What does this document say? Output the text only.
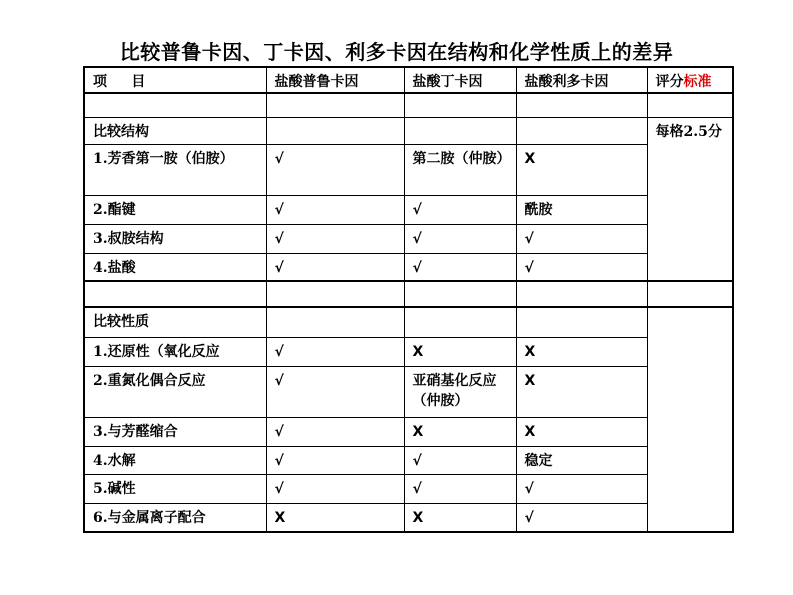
比较普鲁卡因、丁卡因、利多卡因在结构和化学性质上的差异
项     目	盐酸普鲁卡因	盐酸丁卡因	盐酸利多卡因	评分标准

比较结构				每格2.5分
1.芳香第一胺（伯胺）	√	第二胺（仲胺）	X	
2.酯键	√	√	酰胺	
3.叔胺结构	√	√	√	
4.盐酸	√	√	√	

比较性质				
1.还原性（氧化反应	√	X	X	
2.重氮化偶合反应	√	亚硝基化反应（仲胺）	X	
3.与芳醛缩合	√	X	X	
4.水解	√	√	稳定	
5.碱性	√	√	√	
6.与金属离子配合	X	X	√	
